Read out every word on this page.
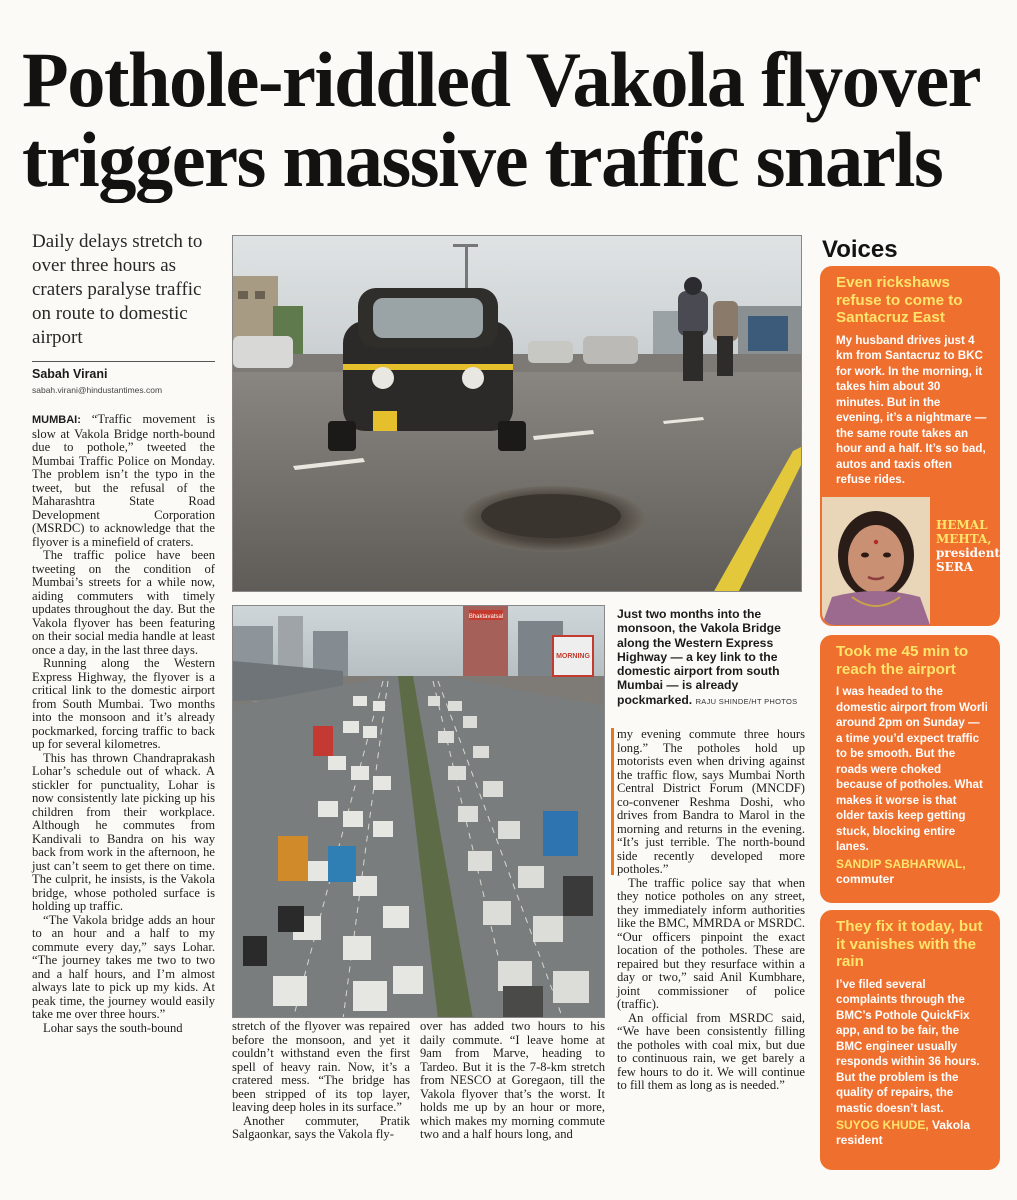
Pothole-riddled Vakola flyover
triggers massive traffic snarls
Daily delays stretch to over three hours as craters paralyse traffic on route to domestic airport
Sabah Virani
sabah.virani@hindustantimes.com

MUMBAI: “Traffic movement is slow at Vakola Bridge north-bound due to pothole,” tweeted the Mumbai Traffic Police on Monday. The problem isn’t the typo in the tweet, but the refusal of the Maharashtra State Road Development Corporation (MSRDC) to acknowledge that the flyover is a minefield of craters.

The traffic police have been tweeting on the condition of Mumbai’s streets for a while now, aiding commuters with timely updates throughout the day. But the Vakola flyover has been featuring on their social media handle at least once a day, in the last three days.

Running along the Western Express Highway, the flyover is a critical link to the domestic airport from South Mumbai. Two months into the monsoon and it’s already pockmarked, forcing traffic to back up for several kilometres.

This has thrown Chandraprakash Lohar’s schedule out of whack. A stickler for punctuality, Lohar is now consistently late picking up his children from their workplace. Although he commutes from Kandivali to Bandra on his way back from work in the afternoon, he just can’t seem to get there on time. The culprit, he insists, is the Vakola bridge, whose potholed surface is holding up traffic.

“The Vakola bridge adds an hour to an hour and a half to my commute every day,” says Lohar. “The journey takes me two to two and a half hours, and I’m almost always late to pick up my kids. At peak time, the journey would easily take me over three hours.”

Lohar says the south-bound

Bhaktavatsal
MORNING
Just two months into the monsoon, the Vakola Bridge along the Western Express Highway — a key link to the domestic airport from south Mumbai — is already pockmarked. RAJU SHINDE/HT PHOTOS

stretch of the flyover was repaired before the monsoon, and yet it couldn’t withstand even the first spell of heavy rain. Now, it’s a cratered mess. “The bridge has been stripped of its top layer, leaving deep holes in its surface.”

Another commuter, Pratik Salgaonkar, says the Vakola fly-

over has added two hours to his daily commute. “I leave home at 9am from Marve, heading to Tardeo. But it is the 7-8-km stretch from NESCO at Goregaon, till the Vakola flyover that’s the worst. It holds me up by an hour or more, which makes my morning commute two and a half hours long, and

my evening commute three hours long.” The potholes hold up motorists even when driving against the traffic flow, says Mumbai North Central District Forum (MNCDF) co-convener Reshma Doshi, who drives from Bandra to Marol in the morning and returns in the evening. “It’s just terrible. The north-bound side recently developed more potholes.”

The traffic police say that when they notice potholes on any street, they immediately inform authorities like the BMC, MMRDA or MSRDC. “Our officers pinpoint the exact location of the potholes. These are repaired but they resurface within a day or two,” said Anil Kumbhare, joint commissioner of police (traffic).

An official from MSRDC said, “We have been consistently filling the potholes with coal mix, but due to continuous rain, we get barely a few hours to do it. We will continue to fill them as long as is needed.”

Voices
Even rickshaws refuse to come to Santacruz East
My husband drives just 4 km from Santacruz to BKC for work. In the morning, it takes him about 30 minutes. But in the evening, it’s a nightmare — the same route takes an hour and a half. It’s so bad, autos and taxis often refuse rides.
HEMAL MEHTA,
president, SERA
Took me 45 min to reach the airport
I was headed to the domestic airport from Worli around 2pm on Sunday — a time you’d expect traffic to be smooth. But the roads were choked because of potholes. What makes it worse is that older taxis keep getting stuck, blocking entire lanes.
SANDIP SABHARWAL,
commuter
They fix it today, but it vanishes with the rain
I’ve filed several complaints through the BMC’s Pothole QuickFix app, and to be fair, the BMC engineer usually responds within 36 hours. But the problem is the quality of repairs, the mastic doesn’t last.
SUYOG KHUDE, Vakola resident
